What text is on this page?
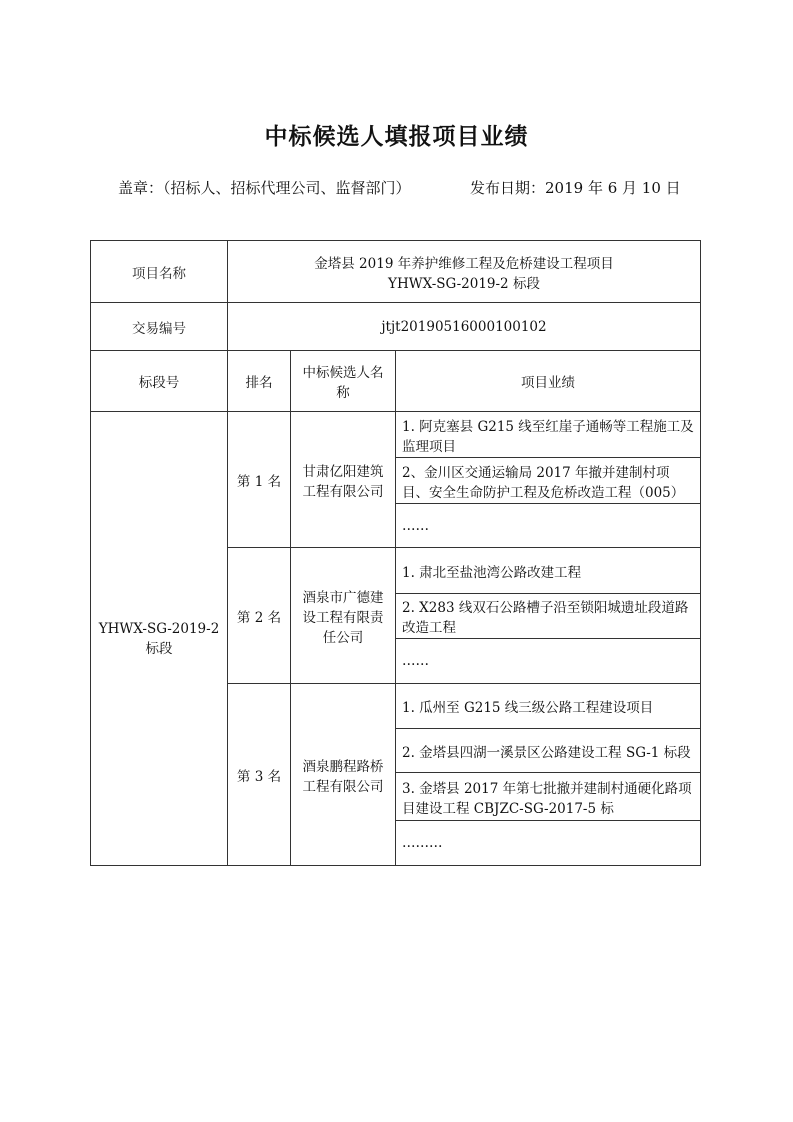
中标候选人填报项目业绩
盖章：（招标人、招标代理公司、监督部门）	发布日期：2019 年 6 月 10 日
项目名称	金塔县 2019 年养护维修工程及危桥建设工程项目
YHWX-SG-2019-2 标段		

交易编号	jtjt20190516000100102		
标段号	排名	中标候选人名称	项目业绩
YHWX-SG-2019-2 标段	第 1 名	甘肃亿阳建筑工程有限公司	1. 阿克塞县 G215 线至红崖子通畅等工程施工及监理项目
			2、金川区交通运输局 2017 年撤并建制村项目、安全生命防护工程及危桥改造工程（005）
			……
	第 2 名	酒泉市广德建设工程有限责任公司	1. 肃北至盐池湾公路改建工程
			2. X283 线双石公路槽子沿至锁阳城遗址段道路改造工程
			……
	第 3 名	酒泉鹏程路桥工程有限公司	1. 瓜州至 G215 线三级公路工程建设项目
			2. 金塔县四湖一溪景区公路建设工程 SG-1 标段
			3. 金塔县 2017 年第七批撤并建制村通硬化路项目建设工程 CBJZC-SG-2017-5 标
			………
